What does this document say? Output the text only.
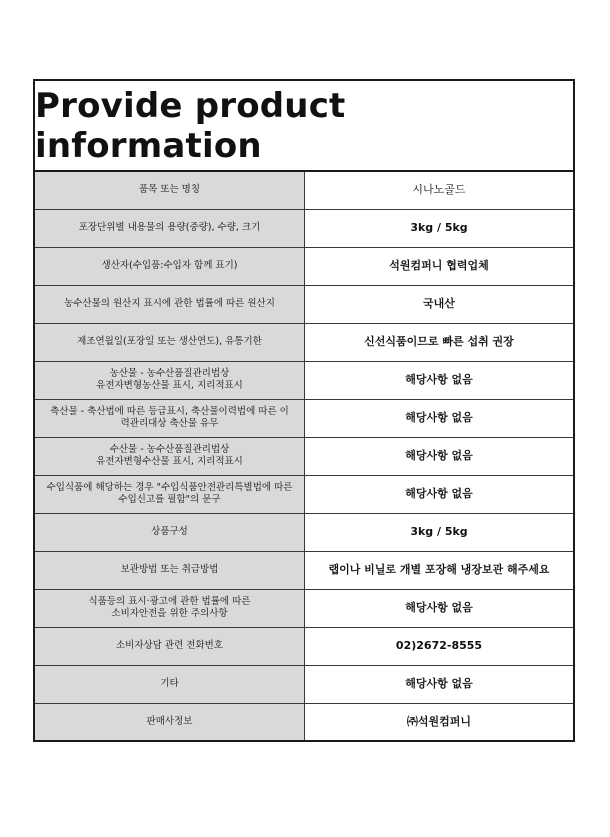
Provide product information
품목 또는 명칭	시나노골드

포장단위별 내용물의 용량(중량), 수량, 크기	3kg / 5kg

생산자(수입품:수입자 함께 표기)	석원컴퍼니 협력업체

농수산물의 원산지 표시에 관한 법률에 따른 원산지	국내산

제조연월일(포장일 또는 생산연도), 유통기한	신선식품이므로 빠른 섭취 권장

농산물 - 농수산품질관리법상
유전자변형농산물 표시, 지리적표시	해당사항 없음

축산물 - 축산법에 따른 등급표시, 축산물이력법에 따른 이
력관리대상 축산물 유무	해당사항 없음

수산물 - 농수산품질관리법상
유전자변형수산물 표시, 지리적표시	해당사항 없음

수입식품에 해당하는 경우 "수입식품안전관리특별법에 따른
수입신고를 필함"의 문구	해당사항 없음

상품구성	3kg / 5kg

보관방법 또는 취급방법	랩이나 비닐로 개별 포장해 냉장보관 해주세요

식품등의 표시·광고에 관한 법률에 따른
소비자안전을 위한 주의사항	해당사항 없음

소비자상담 관련 전화번호	02)2672-8555

기타	해당사항 없음

판매사정보	㈜석원컴퍼니
